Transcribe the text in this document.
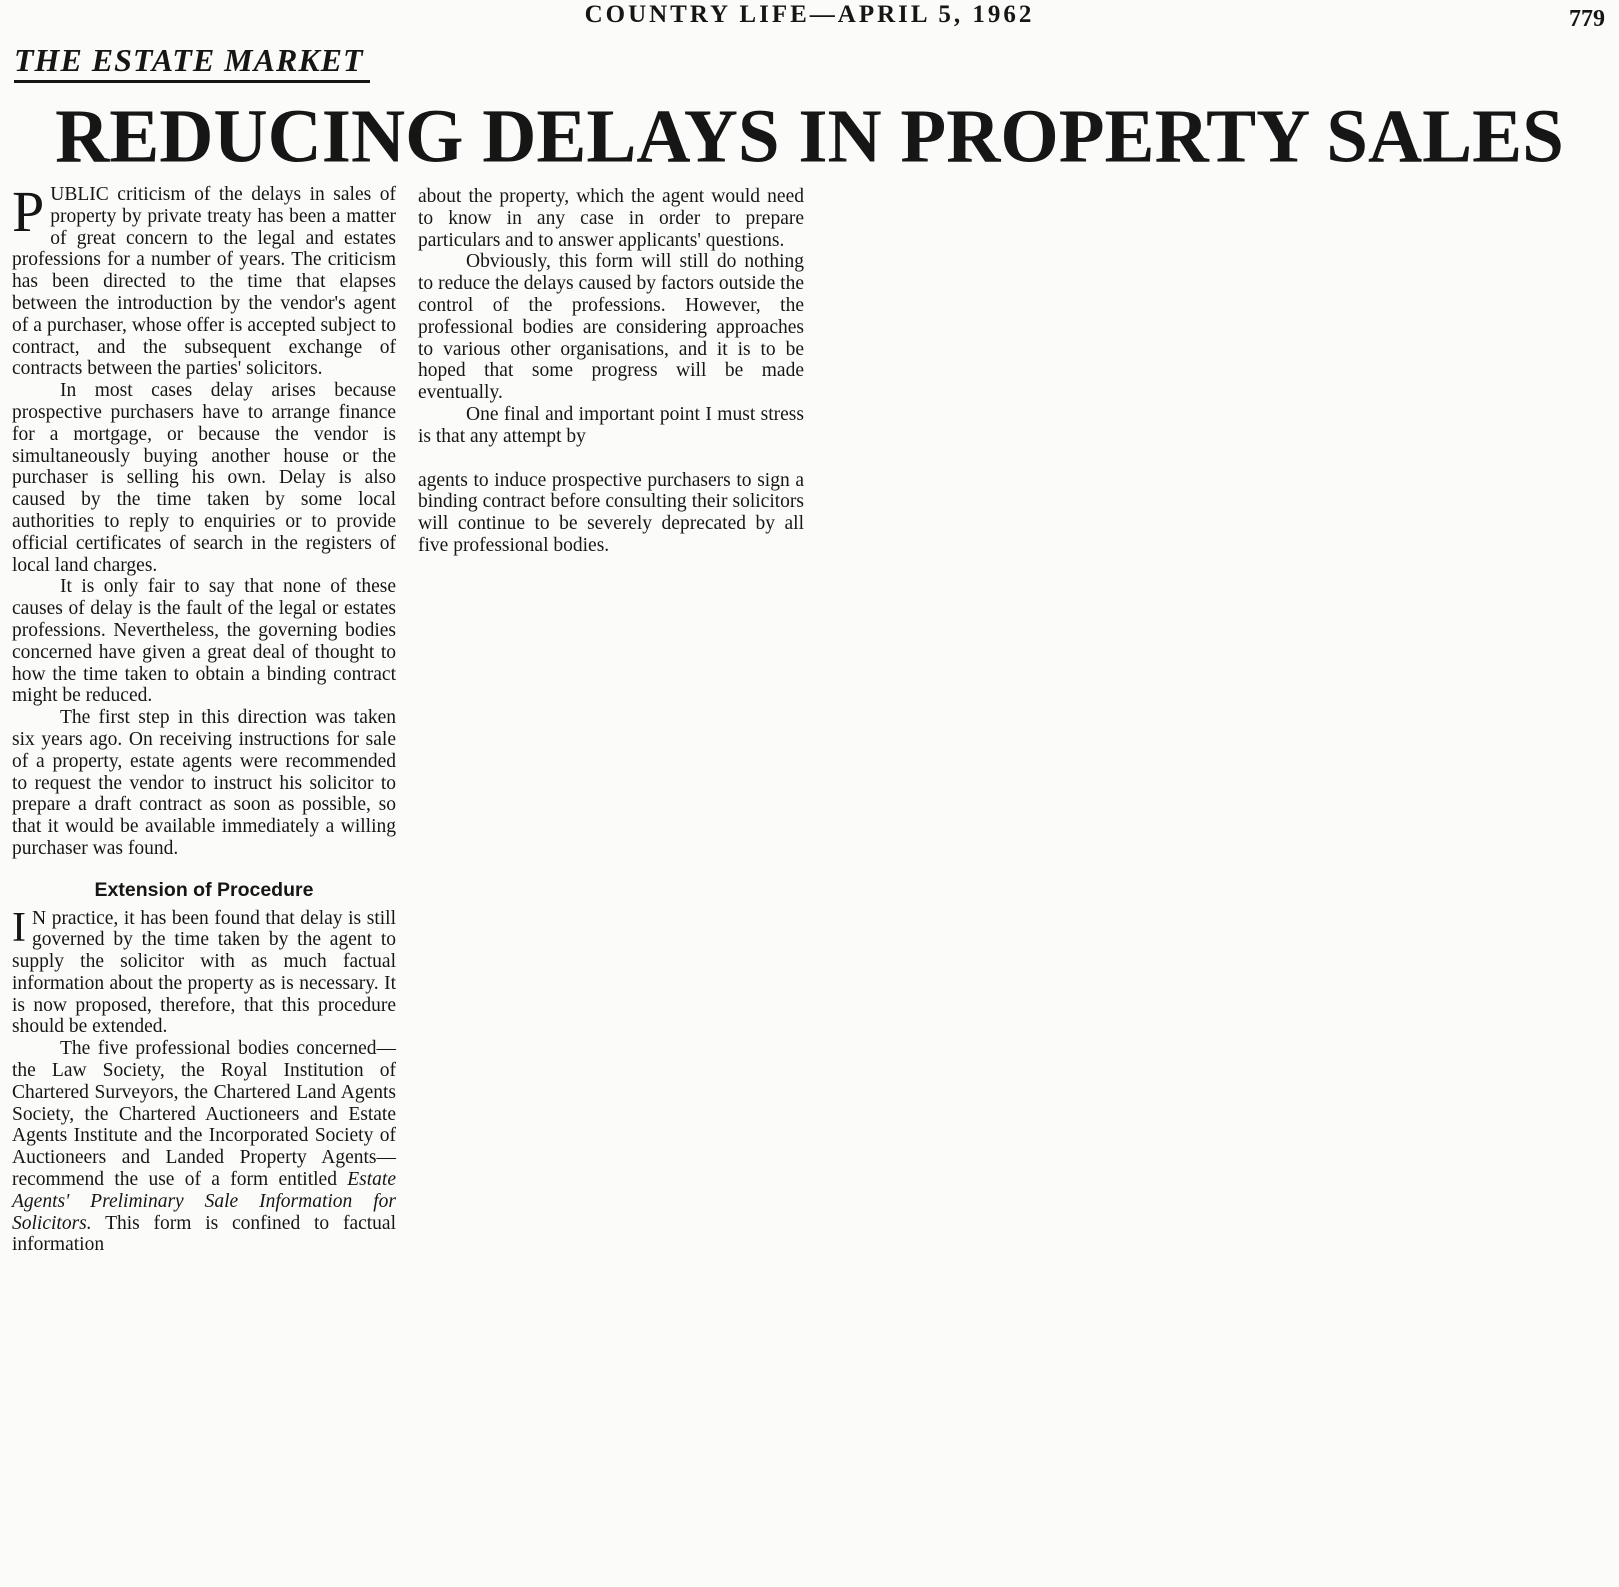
COUNTRY LIFE—APRIL 5, 1962	779
THE ESTATE MARKET
REDUCING DELAYS IN PROPERTY SALES

PUBLIC criticism of the delays in sales of property by private treaty has been a matter of great concern to the legal and estates professions for a number of years. The criticism has been directed to the time that elapses between the introduction by the vendor's agent of a purchaser, whose offer is accepted subject to contract, and the subsequent exchange of contracts between the parties' solicitors.

In most cases delay arises because prospective purchasers have to arrange finance for a mortgage, or because the vendor is simultaneously buying another house or the purchaser is selling his own. Delay is also caused by the time taken by some local authorities to reply to enquiries or to provide official certificates of search in the registers of local land charges.

It is only fair to say that none of these causes of delay is the fault of the legal or estates professions. Nevertheless, the governing bodies concerned have given a great deal of thought to how the time taken to obtain a binding contract might be reduced.

The first step in this direction was taken six years ago. On receiving instructions for sale of a property, estate agents were recommended to request the vendor to instruct his solicitor to prepare a draft contract as soon as possible, so that it would be available immediately a willing purchaser was found.

Extension of Procedure

I N practice, it has been found that delay is still governed by the time taken by the agent to supply the solicitor with as much factual information about the property as is necessary. It is now proposed, therefore, that this procedure should be extended.

The five professional bodies concerned—the Law Society, the Royal Institution of Chartered Surveyors, the Chartered Land Agents Society, the Chartered Auctioneers and Estate Agents Institute and the Incorporated Society of Auctioneers and Landed Property Agents—recommend the use of a form entitled Estate Agents' Preliminary Sale Information for Solicitors. This form is confined to factual information

about the property, which the agent would need to know in any case in order to prepare particulars and to answer applicants' questions.

Obviously, this form will still do nothing to reduce the delays caused by factors outside the control of the professions. However, the professional bodies are considering approaches to various other organisations, and it is to be hoped that some progress will be made eventually.

One final and important point I must stress is that any attempt by

agents to induce prospective purchasers to sign a binding contract before consulting their solicitors will continue to be severely deprecated by all five professional bodies.
